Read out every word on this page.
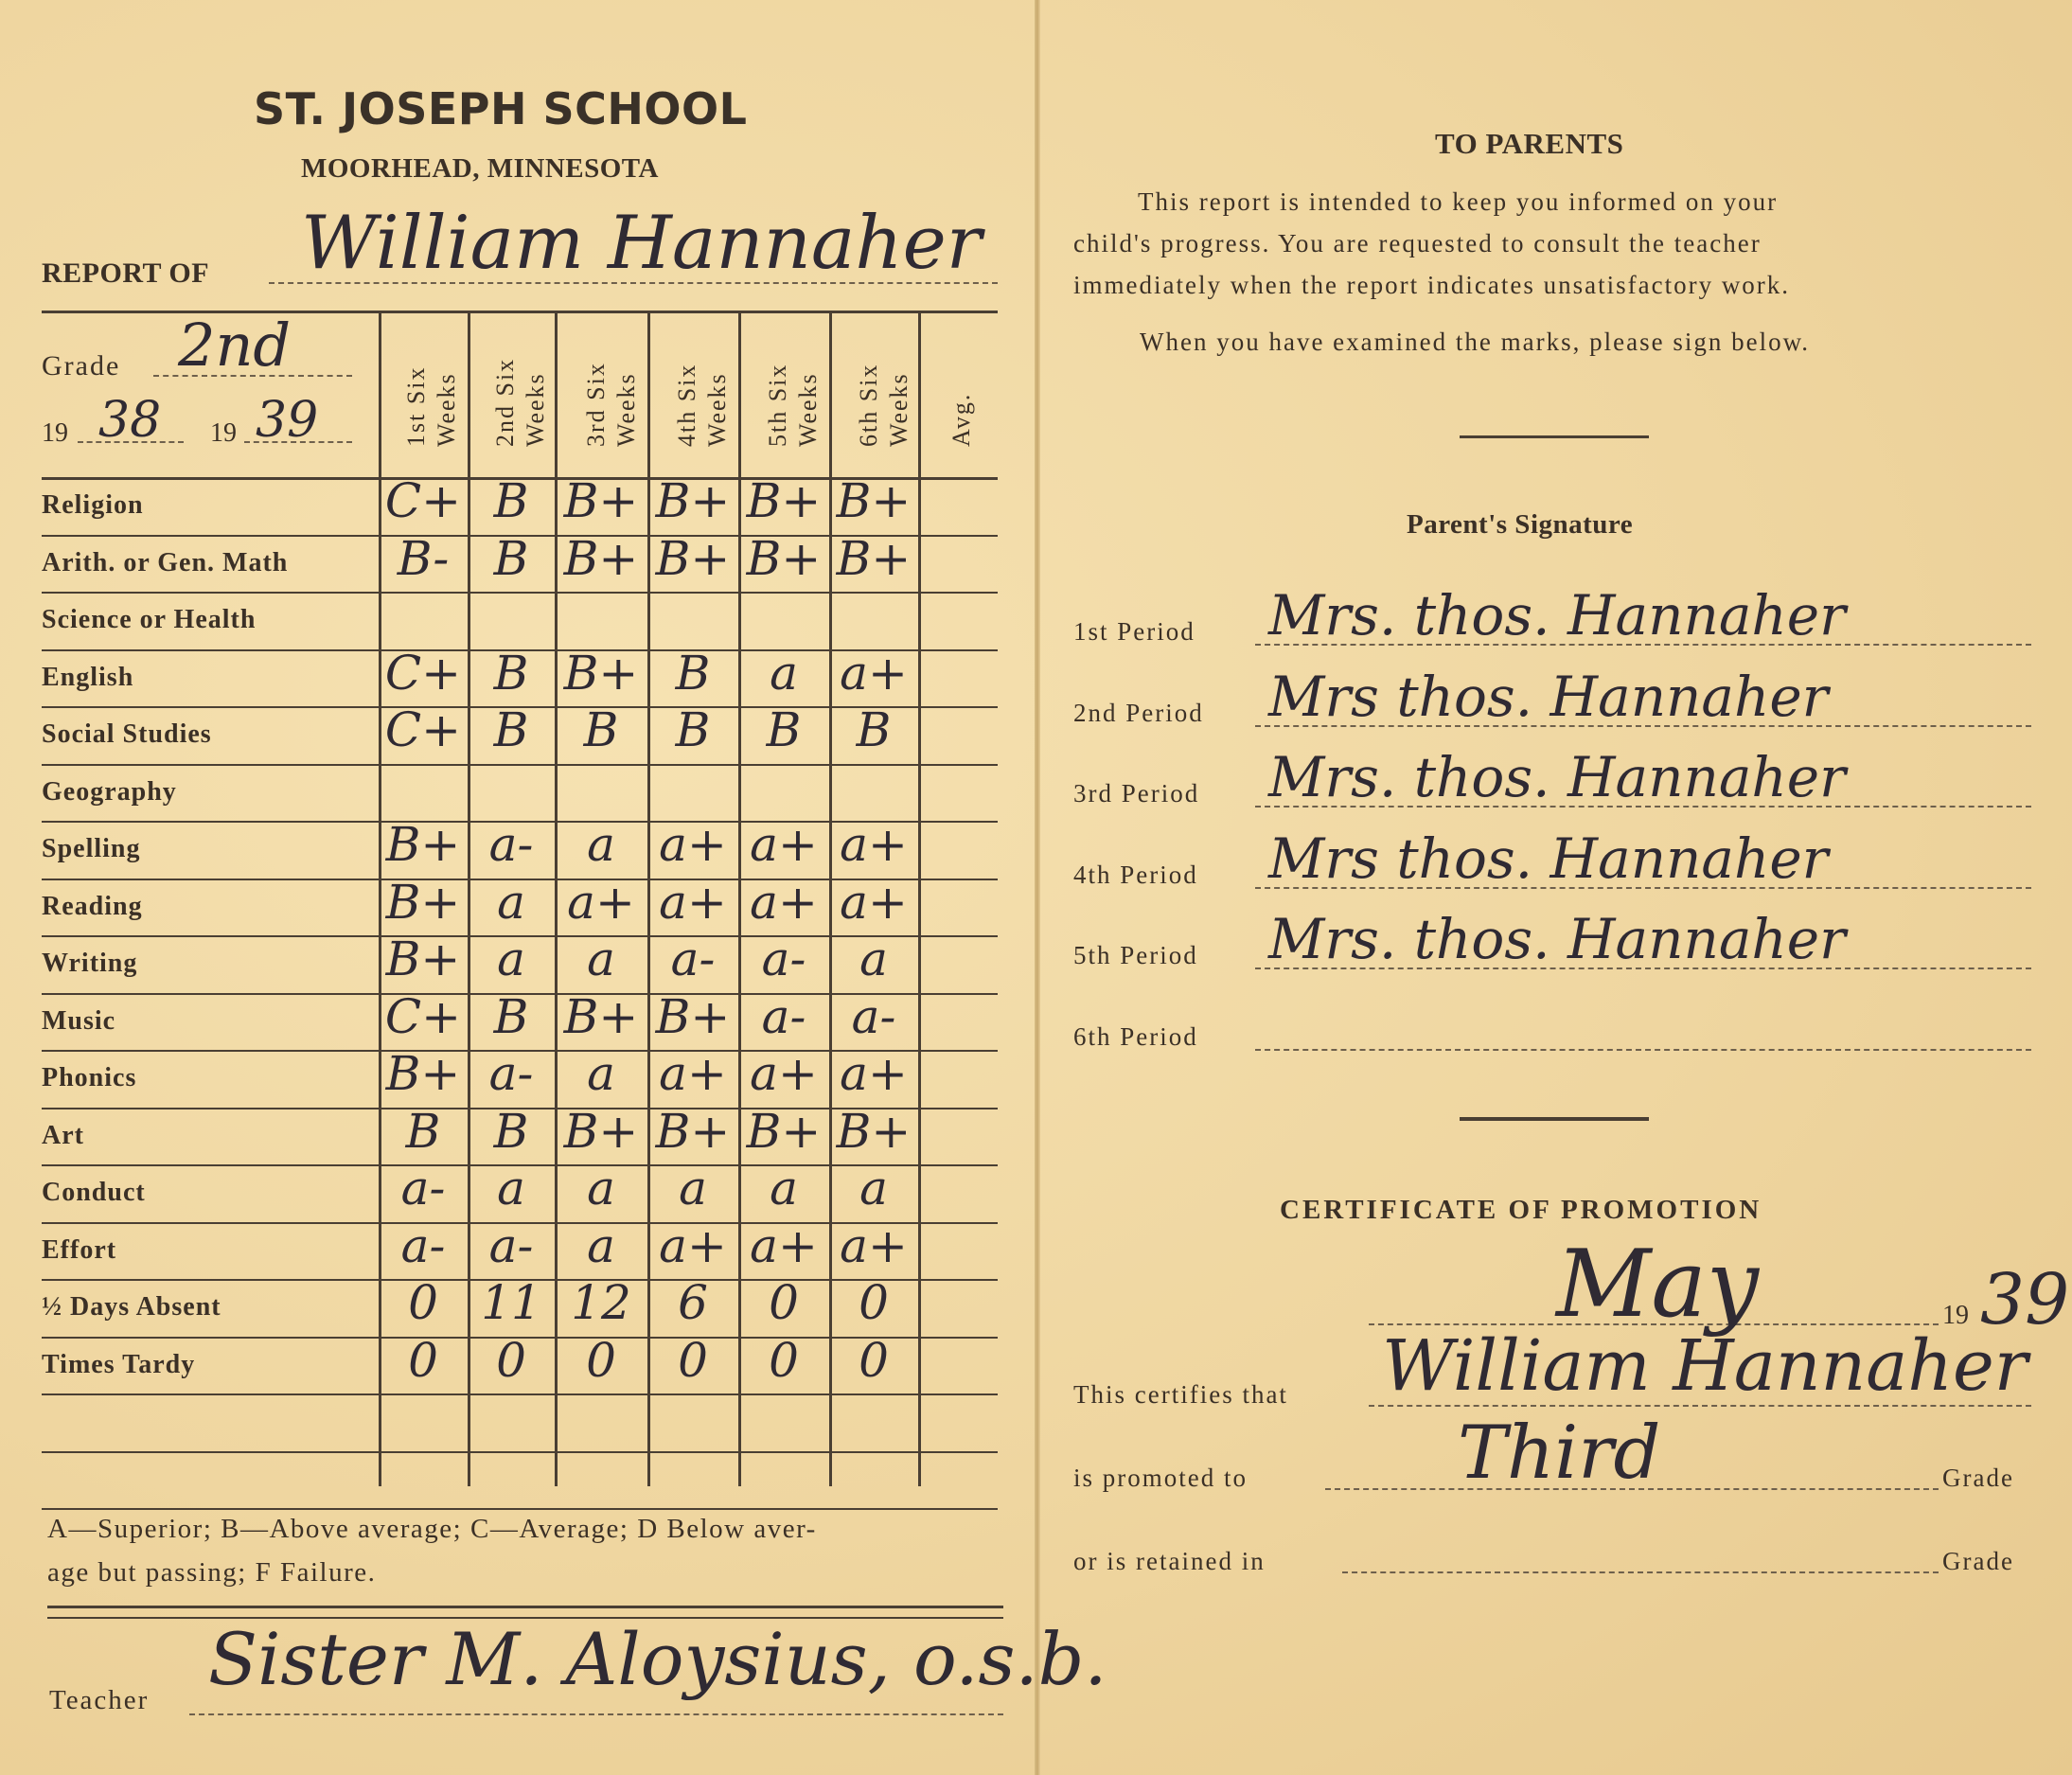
ST. JOSEPH SCHOOL
MOORHEAD, MINNESOTA
REPORT OF William Hannaher
Grade 2nd
19 38 19 39	1st Six Weeks 2nd Six Weeks 3rd Six Weeks 4th Six Weeks 5th Six Weeks 6th Six Weeks Avg.
Religion	C+ B B+ B+ B+ B+
Arith. or Gen. Math	B- B B+ B+ B+ B+
Science or Health
English	C+ B B+ B	a a+
Social Studies	C+ B	B	B	B	B
Geography
Spelling	B+ a-	a a+ a+ a+
Reading	B+ a a+ a+ a+ a+
Writing	B+ a	a	a- a-	a
Music	C+ B B+ B+ a- a-
Phonics	B+ a-	a a+ a+ a+
Art	B	B B+ B+ B+ B+
Conduct	a-	a	a	a	a	a
Effort	a- a-	a a+ a+ a+
½ Days Absent	0 11 12 6	0	0
Times Tardy	0	0	0	0	0	0
A—Superior; B—Above average; C—Average; D Below aver-
age but passing; F Failure.
Teacher Sister M. Aloysius, o.s.b.
TO PARENTS
This report is intended to keep you informed on your
child's progress. You are requested to consult the teacher
immediately when the report indicates unsatisfactory work.
When you have examined the marks, please sign below.
Parent's Signature
1st Period Mrs. thos. Hannaher
2nd Period Mrs thos. Hannaher
3rd Period Mrs. thos. Hannaher
4th Period Mrs thos. Hannaher
5th Period Mrs. thos. Hannaher
6th Period
CERTIFICATE OF PROMOTION
May	19 39
This certifies that William Hannaher
is promoted to	Third	Grade
or is retained in	Grade
